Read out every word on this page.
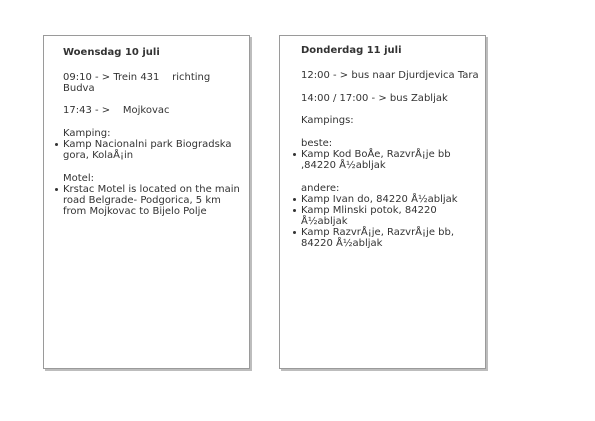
Woensdag 10 juli
09:10 - > Trein 431    richting
Budva
17:43 - >    Mojkovac
Kamping:
Kamp Nacionalni park Biogradska gora, KolaÅ¡in
Motel:
Krstac Motel is located on the main road Belgrade- Podgorica, 5 km from Mojkovac to Bijelo Polje
Donderdag 11 juli
12:00 - > bus naar Djurdjevica Tara
14:00 / 17:00 - > bus Zabljak
Kampings:
beste:
Kamp Kod BoÅe, RazvrÅ¡je bb ,84220 Å½abljak
andere:
Kamp Ivan do, 84220 Å½abljak
Kamp Mlinski potok, 84220 Å½abljak
Kamp RazvrÅ¡je, RazvrÅ¡je bb, 84220 Å½abljak
